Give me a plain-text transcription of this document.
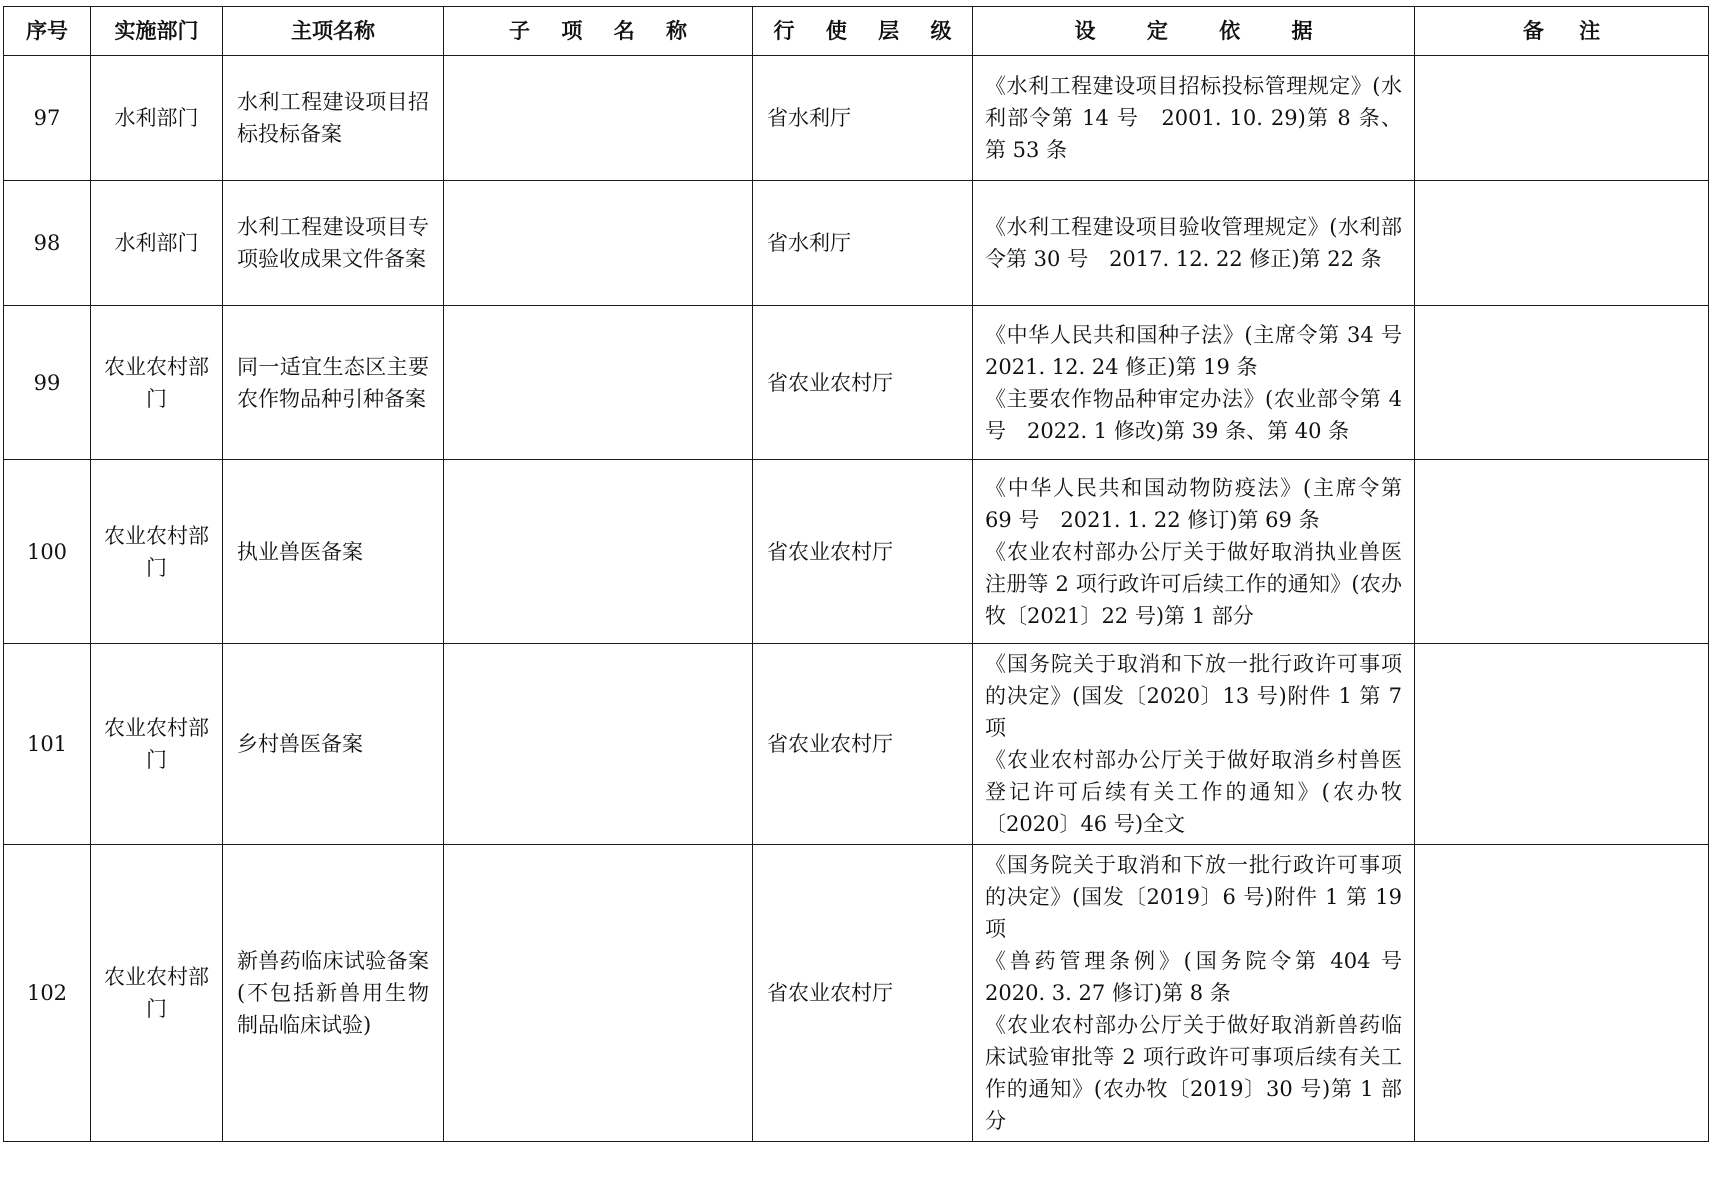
序号	实施部门	主项名称	子 项 名 称	行 使 层 级	设 定 依 据	备 注
97	水利部门	水利工程建设项目招标投标备案		省水利厅	《水利工程建设项目招标投标管理规定》(水利部令第 14 号　2001. 10. 29)第 8 条、第 53 条	

98	水利部门	水利工程建设项目专项验收成果文件备案		省水利厅	《水利工程建设项目验收管理规定》(水利部令第 30 号　2017. 12. 22 修正)第 22 条	

99	农业农村部门	同一适宜生态区主要农作物品种引种备案		省农业农村厅	《中华人民共和国种子法》(主席令第 34 号　2021. 12. 24 修正)第 19 条
《主要农作物品种审定办法》(农业部令第 4 号　2022. 1 修改)第 39 条、第 40 条	

100	农业农村部门	执业兽医备案		省农业农村厅	《中华人民共和国动物防疫法》(主席令第 69 号　2021. 1. 22 修订)第 69 条
《农业农村部办公厅关于做好取消执业兽医注册等 2 项行政许可后续工作的通知》(农办牧〔2021〕22 号)第 1 部分	

101	农业农村部门	乡村兽医备案		省农业农村厅	《国务院关于取消和下放一批行政许可事项的决定》(国发〔2020〕13 号)附件 1 第 7 项
《农业农村部办公厅关于做好取消乡村兽医登记许可后续有关工作的通知》(农办牧〔2020〕46 号)全文	

102	农业农村部门	新兽药临床试验备案(不包括新兽用生物制品临床试验)		省农业农村厅	《国务院关于取消和下放一批行政许可事项的决定》(国发〔2019〕6 号)附件 1 第 19 项
《兽药管理条例》(国务院令第 404 号　2020. 3. 27 修订)第 8 条
《农业农村部办公厅关于做好取消新兽药临床试验审批等 2 项行政许可事项后续有关工作的通知》(农办牧〔2019〕30 号)第 1 部分	
